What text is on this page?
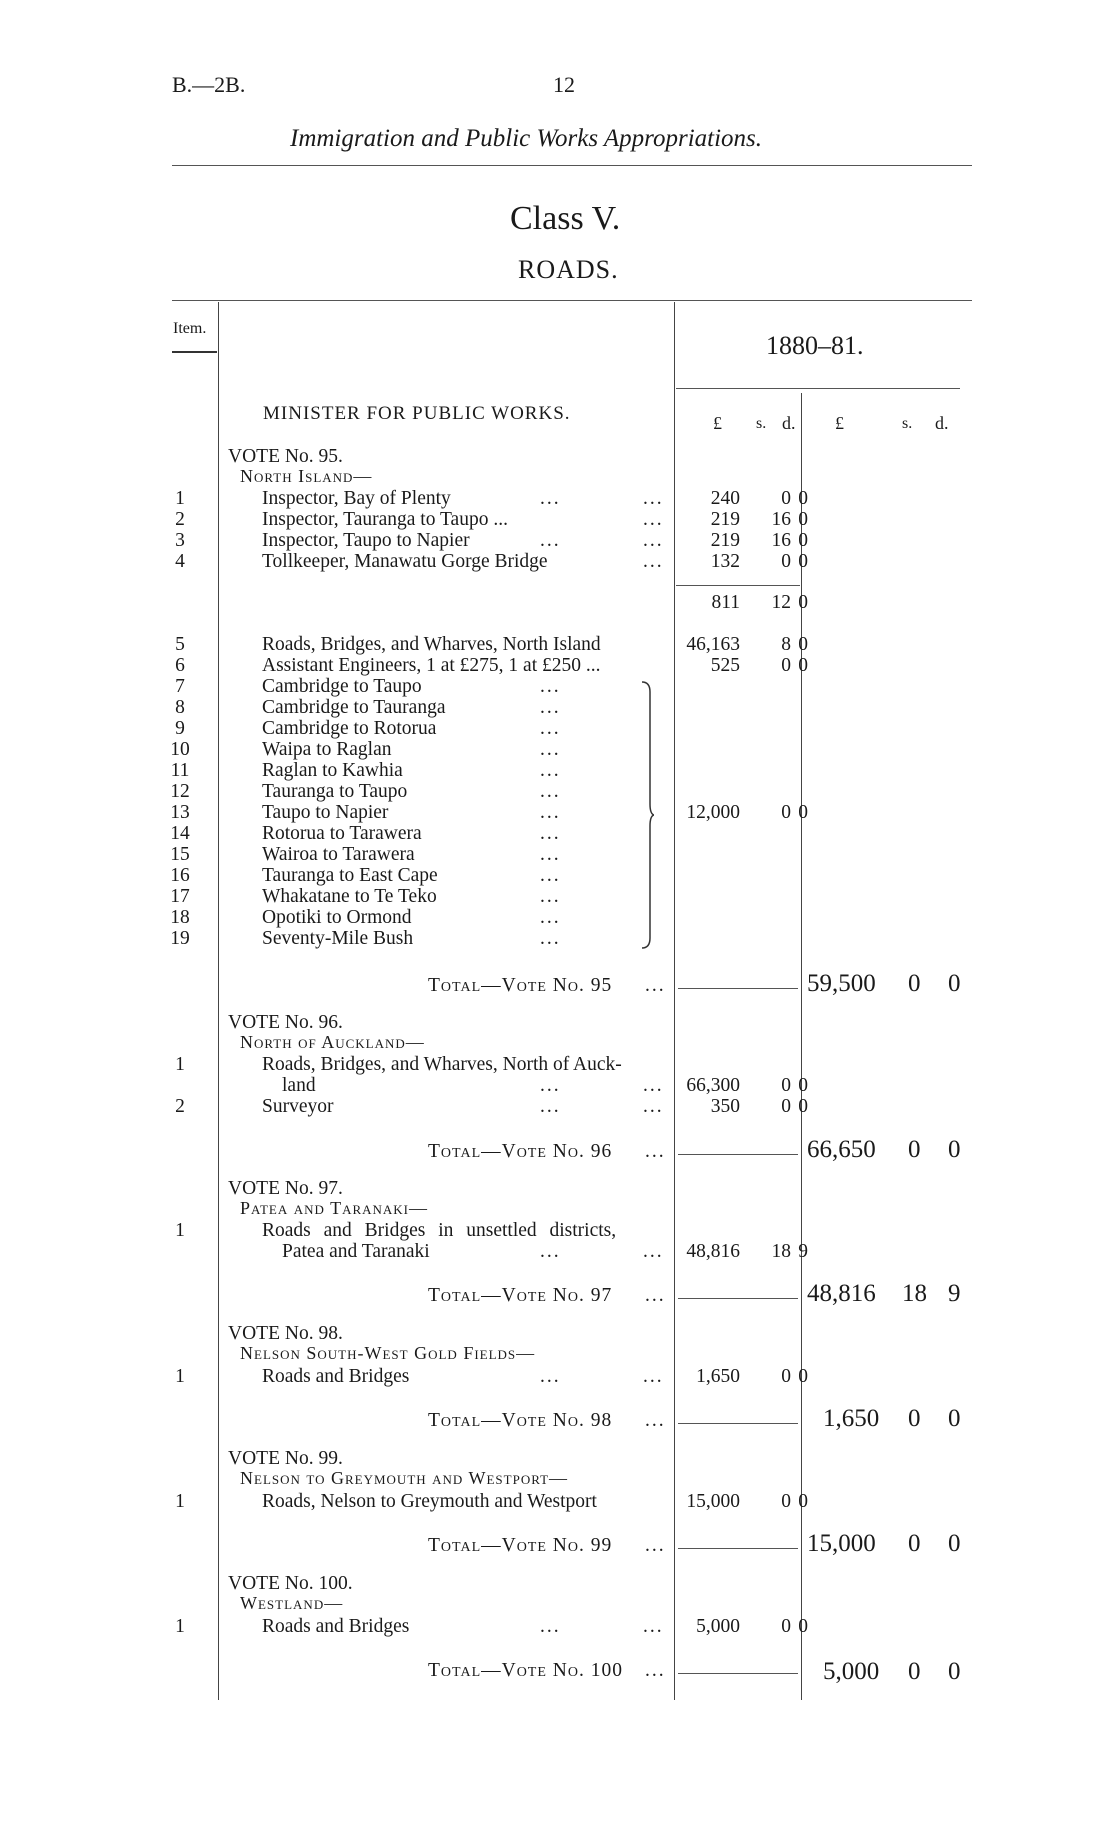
B.—2B.	12
Immigration and Public Works Appropriations.
Class V.
ROADS.
Item.
1880–81.
MINISTER FOR PUBLIC WORKS.	£ s. d. £	s. d.
VOTE No. 95.
North Island—
1	Inspector, Bay of Plenty	...	... 240 0 0
2	Inspector, Tauranga to Taupo ...	... 219 16 0
3	Inspector, Taupo to Napier	...	... 219 16 0
4	Tollkeeper, Manawatu Gorge Bridge	... 132 0 0
811 12 0
5	Roads, Bridges, and Wharves, North Island	46,163 8 0
6	Assistant Engineers, 1 at £275, 1 at £250 ...	525 0 0
7	Cambridge to Taupo	...
8	Cambridge to Tauranga	...
9	Cambridge to Rotorua	...
10	Waipa to Raglan	...
11	Raglan to Kawhia	...
12	Tauranga to Taupo	...
13	Taupo to Napier	...	12,000 0 0
14	Rotorua to Tarawera	...
15	Wairoa to Tarawera	...
16	Tauranga to East Cape	...
17	Whakatane to Te Teko	...
18	Opotiki to Ormond	...
19	Seventy-Mile Bush	...
Total—Vote No. 95 ...	59,500 0 0
VOTE No. 96.
North of Auckland—
1	Roads, Bridges, and Wharves, North of Auck-
land	...	... 66,300 0 0
2	Surveyor	...	... 350 0 0
Total—Vote No. 96 ...	66,650 0 0
VOTE No. 97.
Patea and Taranaki—
1	Roads and Bridges in unsettled districts,
Patea and Taranaki	...	... 48,816 18 9
Total—Vote No. 97 ...	48,816 18 9
VOTE No. 98.
Nelson South-West Gold Fields—
1	Roads and Bridges	...	... 1,650 0 0
Total—Vote No. 98 ...	1,650 0 0
VOTE No. 99.
Nelson to Greymouth and Westport—
1	Roads, Nelson to Greymouth and Westport	15,000 0 0
Total—Vote No. 99 ...	15,000 0 0
VOTE No. 100.
Westland—
1	Roads and Bridges	...	... 5,000 0 0
Total—Vote No. 100 ...	5,000 0 0
